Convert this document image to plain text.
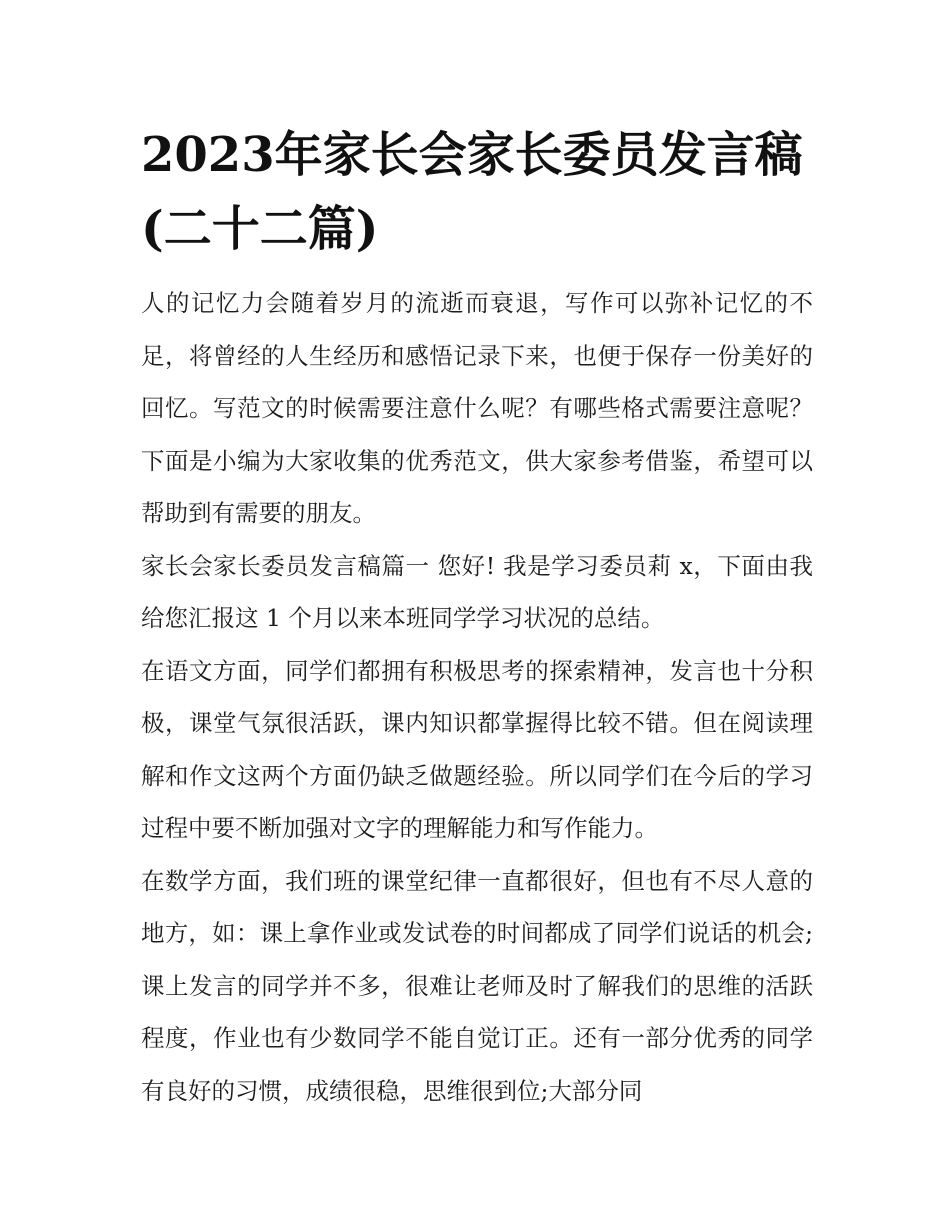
2023年家长会家长委员发言稿(二十二篇)

人的记忆力会随着岁月的流逝而衰退，写作可以弥补记忆的不足，将曾经的人生经历和感悟记录下来，也便于保存一份美好的回忆。写范文的时候需要注意什么呢？有哪些格式需要注意呢？下面是小编为大家收集的优秀范文，供大家参考借鉴，希望可以帮助到有需要的朋友。

家长会家长委员发言稿篇一 您好! 我是学习委员莉 x，下面由我给您汇报这 1 个月以来本班同学学习状况的总结。

在语文方面，同学们都拥有积极思考的探索精神，发言也十分积极，课堂气氛很活跃，课内知识都掌握得比较不错。但在阅读理解和作文这两个方面仍缺乏做题经验。所以同学们在今后的学习过程中要不断加强对文字的理解能力和写作能力。

在数学方面，我们班的课堂纪律一直都很好，但也有不尽人意的地方，如：课上拿作业或发试卷的时间都成了同学们说话的机会;课上发言的同学并不多，很难让老师及时了解我们的思维的活跃程度，作业也有少数同学不能自觉订正。还有一部分优秀的同学有良好的习惯，成绩很稳，思维很到位;大部分同
